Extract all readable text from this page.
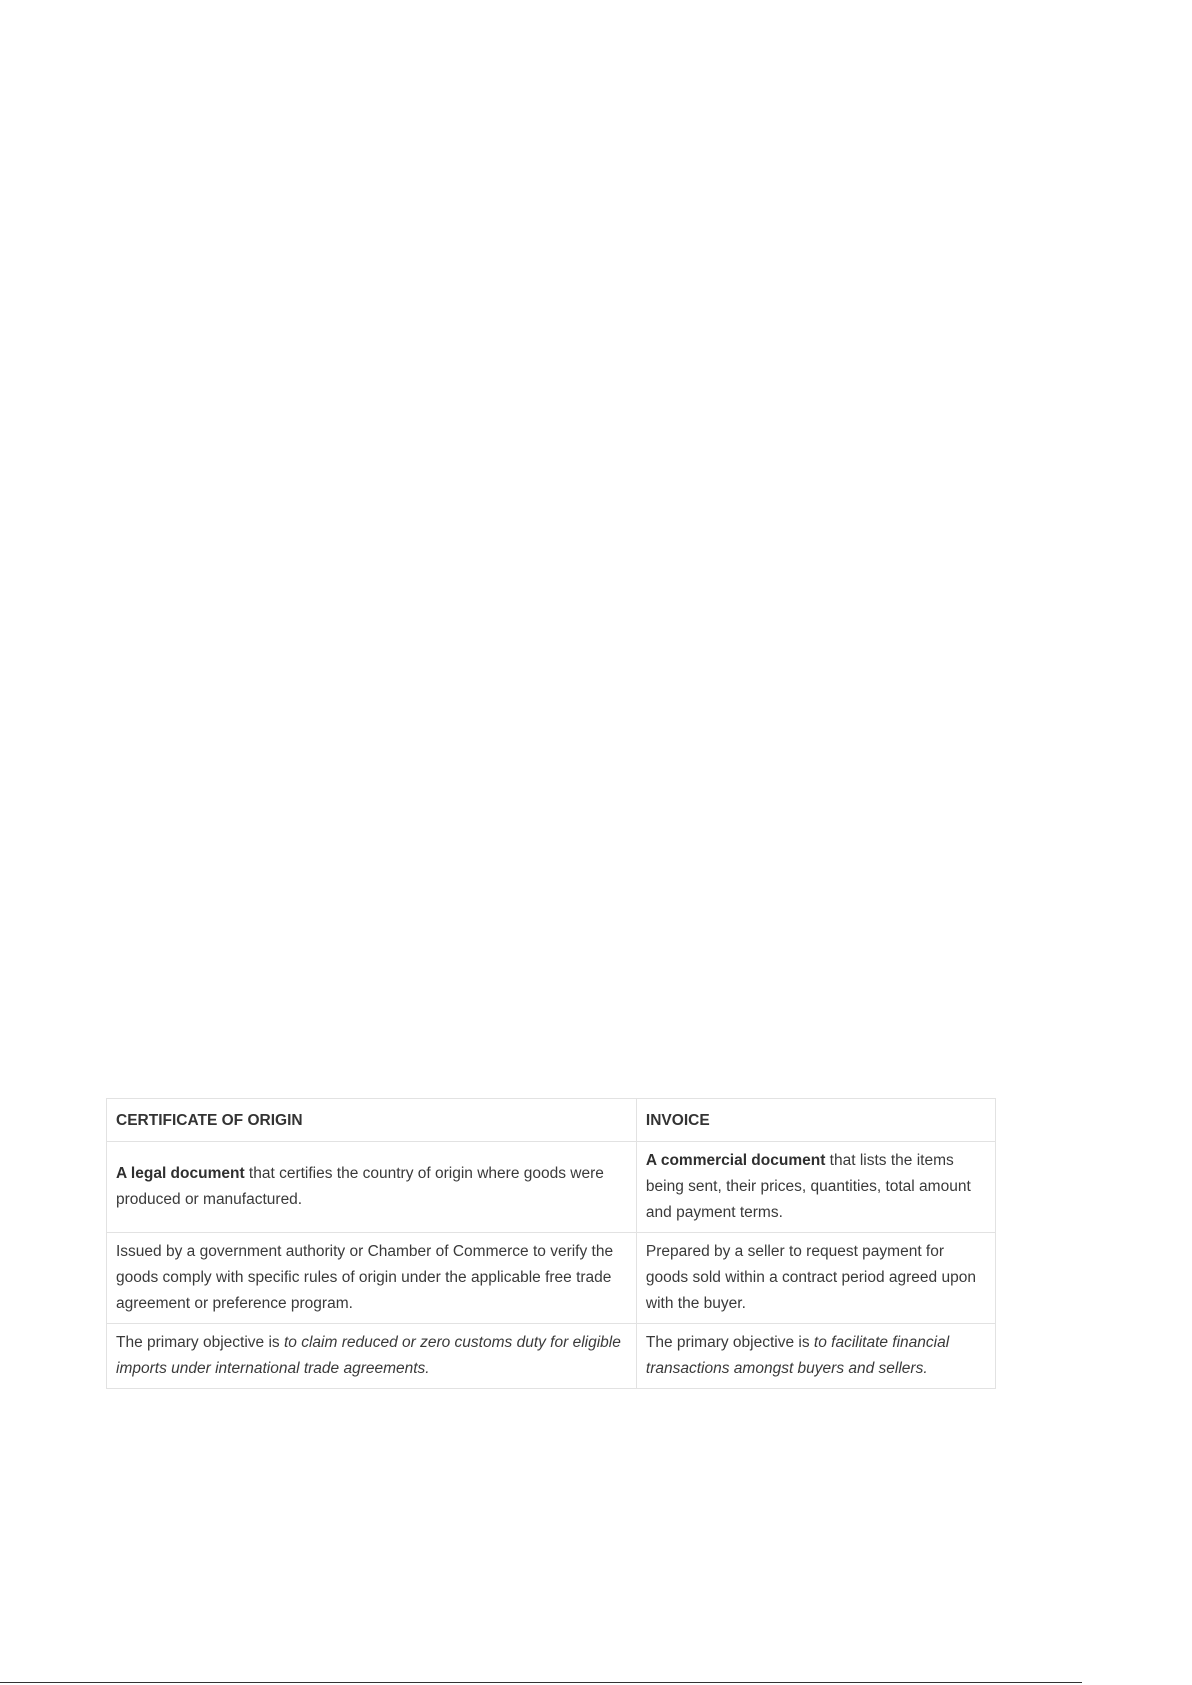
CERTIFICATE OF ORIGIN	INVOICE
A legal document that certifies the country of origin where goods were produced or manufactured.	A commercial document that lists the items being sent, their prices, quantities, total amount and payment terms.
Issued by a government authority or Chamber of Commerce to verify the goods comply with specific rules of origin under the applicable free trade agreement or preference program.	Prepared by a seller to request payment for goods sold within a contract period agreed upon with the buyer.
The primary objective is to claim reduced or zero customs duty for eligible imports under international trade agreements.	The primary objective is to facilitate financial transactions amongst buyers and sellers.
